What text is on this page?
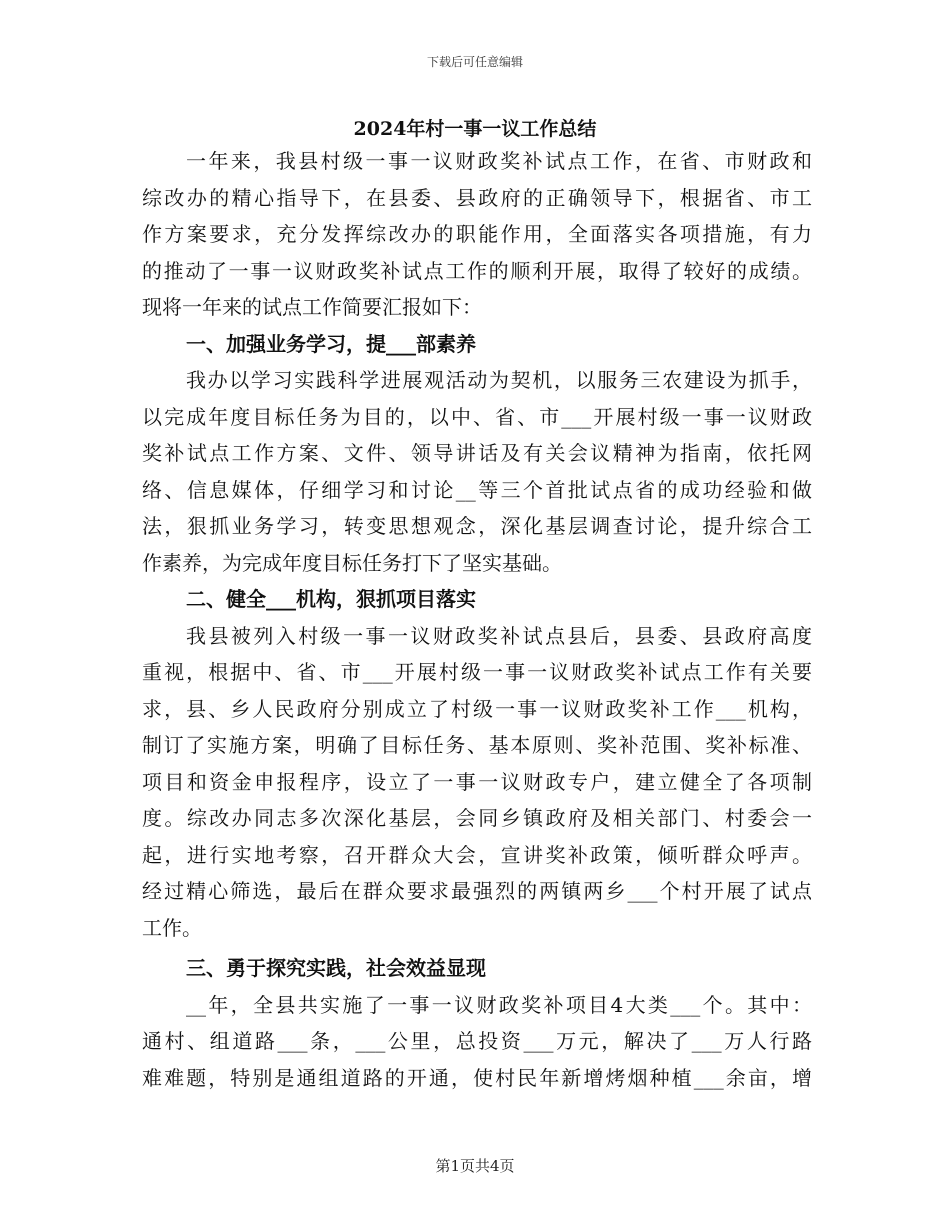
下载后可任意编辑
2024年村一事一议工作总结
一年来，我县村级一事一议财政奖补试点工作，在省、市财政和
综改办的精心指导下，在县委、县政府的正确领导下，根据省、市工
作方案要求，充分发挥综改办的职能作用，全面落实各项措施，有力
的推动了一事一议财政奖补试点工作的顺利开展，取得了较好的成绩。
现将一年来的试点工作简要汇报如下：
一、加强业务学习，提___部素养
我办以学习实践科学进展观活动为契机，以服务三农建设为抓手，
以完成年度目标任务为目的，以中、省、市___开展村级一事一议财政
奖补试点工作方案、文件、领导讲话及有关会议精神为指南，依托网
络、信息媒体，仔细学习和讨论__等三个首批试点省的成功经验和做
法，狠抓业务学习，转变思想观念，深化基层调查讨论，提升综合工
作素养，为完成年度目标任务打下了坚实基础。
二、健全___机构，狠抓项目落实
我县被列入村级一事一议财政奖补试点县后，县委、县政府高度
重视，根据中、省、市___开展村级一事一议财政奖补试点工作有关要
求，县、乡人民政府分别成立了村级一事一议财政奖补工作___机构，
制订了实施方案，明确了目标任务、基本原则、奖补范围、奖补标准、
项目和资金申报程序，设立了一事一议财政专户，建立健全了各项制
度。综改办同志多次深化基层，会同乡镇政府及相关部门、村委会一
起，进行实地考察，召开群众大会，宣讲奖补政策，倾听群众呼声。
经过精心筛选，最后在群众要求最强烈的两镇两乡___个村开展了试点
工作。
三、勇于探究实践，社会效益显现
__年，全县共实施了一事一议财政奖补项目4大类___个。其中：
通村、组道路___条，___公里，总投资___万元，解决了___万人行路
难难题，特别是通组道路的开通，使村民年新增烤烟种植___余亩，增
第1页共4页
